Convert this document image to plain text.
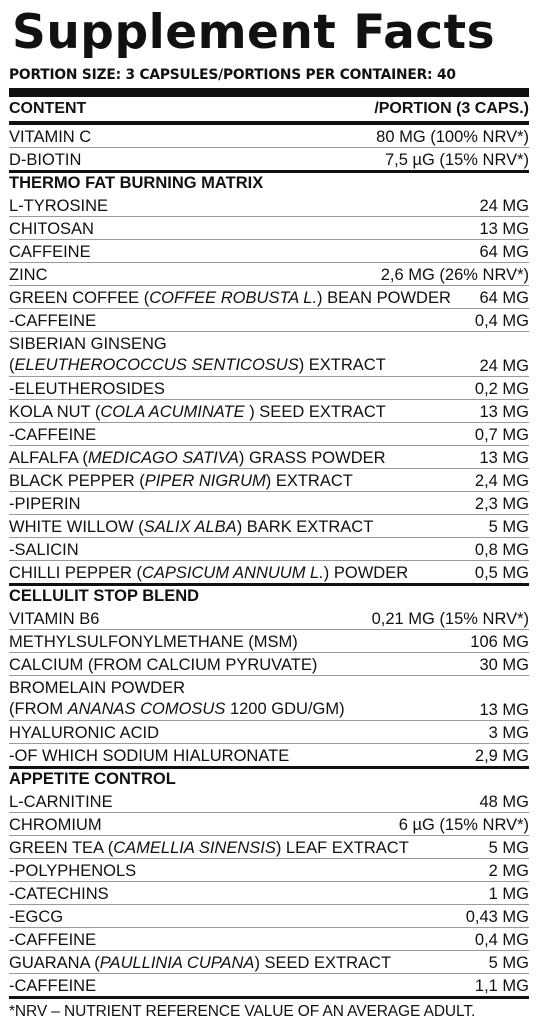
Supplement Facts
PORTION SIZE: 3 CAPSULES/PORTIONS PER CONTAINER: 40
CONTENT	/PORTION (3 CAPS.)
VITAMIN C	80 MG (100% NRV*)
D-BIOTIN	7,5 µG (15% NRV*)
THERMO FAT BURNING MATRIX
L-TYROSINE	24 MG
CHITOSAN	13 MG
CAFFEINE	64 MG
ZINC	2,6 MG (26% NRV*)
GREEN COFFEE (COFFEE ROBUSTA L.) BEAN POWDER	64 MG
-CAFFEINE	0,4 MG
SIBERIAN GINSENG
(ELEUTHEROCOCCUS SENTICOSUS) EXTRACT	24 MG
-ELEUTHEROSIDES	0,2 MG
KOLA NUT (COLA ACUMINATE ) SEED EXTRACT	13 MG
-CAFFEINE	0,7 MG
ALFALFA (MEDICAGO SATIVA) GRASS POWDER	13 MG
BLACK PEPPER (PIPER NIGRUM) EXTRACT	2,4 MG
-PIPERIN	2,3 MG
WHITE WILLOW (SALIX ALBA) BARK EXTRACT	5 MG
-SALICIN	0,8 MG
CHILLI PEPPER (CAPSICUM ANNUUM L.) POWDER	0,5 MG
CELLULIT STOP BLEND
VITAMIN B6	0,21 MG (15% NRV*)
METHYLSULFONYLMETHANE (MSM)	106 MG
CALCIUM (FROM CALCIUM PYRUVATE)	30 MG
BROMELAIN POWDER
(FROM ANANAS COMOSUS 1200 GDU/GM)	13 MG
HYALURONIC ACID	3 MG
-OF WHICH SODIUM HIALURONATE	2,9 MG
APPETITE CONTROL
L-CARNITINE	48 MG
CHROMIUM	6 µG (15% NRV*)
GREEN TEA (CAMELLIA SINENSIS) LEAF EXTRACT	5 MG
-POLYPHENOLS	2 MG
-CATECHINS	1 MG
-EGCG	0,43 MG
-CAFFEINE	0,4 MG
GUARANA (PAULLINIA CUPANA) SEED EXTRACT	5 MG
-CAFFEINE	1,1 MG
*NRV – NUTRIENT REFERENCE VALUE OF AN AVERAGE ADULT.
